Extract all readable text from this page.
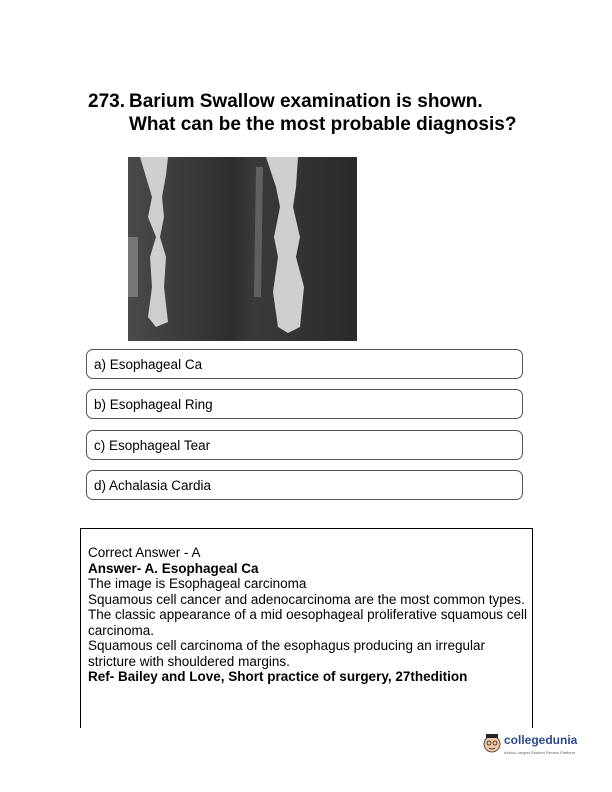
273. Barium Swallow examination is shown. What can be the most probable diagnosis?
a) Esophageal Ca
b) Esophageal Ring
c) Esophageal Tear
d) Achalasia Cardia
Correct Answer - A
Answer- A. Esophageal Ca
The image is Esophageal carcinoma
Squamous cell cancer and adenocarcinoma are the most common types.
The classic appearance of a mid oesophageal proliferative squamous cell carcinoma.
Squamous cell carcinoma of the esophagus producing an irregular stricture with shouldered margins.
Ref- Bailey and Love, Short practice of surgery, 27thedition
collegedunia
India's Largest Student Review Platform
